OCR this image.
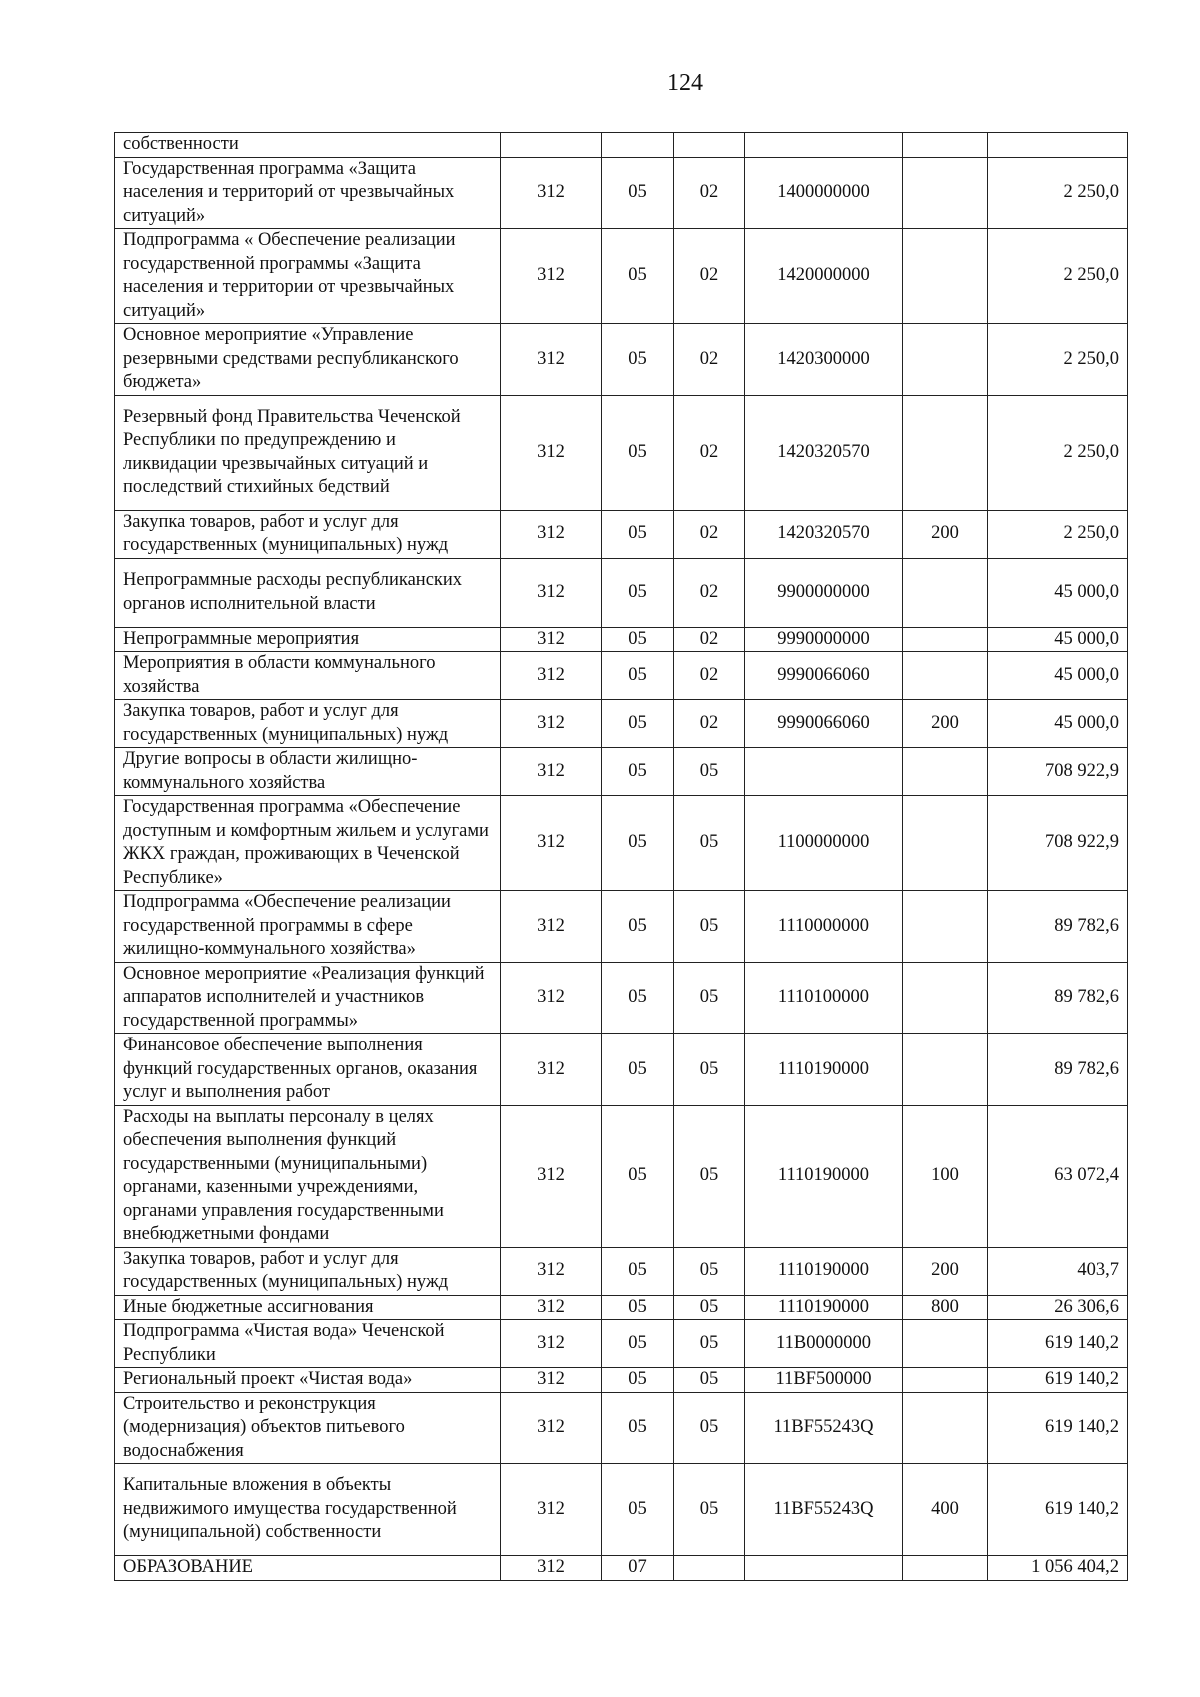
124
собственности						
Государственная программа «Защита населения и территорий от чрезвычайных ситуаций»	312	05	02	1400000000		2 250,0
Подпрограмма « Обеспечение реализации государственной программы «Защита населения и территории от чрезвычайных ситуаций»	312	05	02	1420000000		2 250,0
Основное мероприятие «Управление резервными средствами республиканского бюджета»	312	05	02	1420300000		2 250,0
Резервный фонд Правительства Чеченской Республики по предупреждению и ликвидации чрезвычайных ситуаций и последствий стихийных бедствий	312	05	02	1420320570		2 250,0
Закупка товаров, работ и услуг для государственных (муниципальных) нужд	312	05	02	1420320570	200	2 250,0
Непрограммные расходы республиканских органов исполнительной власти	312	05	02	9900000000		45 000,0
Непрограммные мероприятия	312	05	02	9990000000		45 000,0
Мероприятия в области коммунального хозяйства	312	05	02	9990066060		45 000,0
Закупка товаров, работ и услуг для государственных (муниципальных) нужд	312	05	02	9990066060	200	45 000,0
Другие вопросы в области жилищно-коммунального хозяйства	312	05	05			708 922,9
Государственная программа «Обеспечение доступным и комфортным жильем и услугами ЖКХ граждан, проживающих в Чеченской Республике»	312	05	05	1100000000		708 922,9
Подпрограмма «Обеспечение реализации государственной программы в сфере жилищно-коммунального хозяйства»	312	05	05	1110000000		89 782,6
Основное мероприятие «Реализация функций аппаратов исполнителей и участников государственной программы»	312	05	05	1110100000		89 782,6
Финансовое обеспечение выполнения функций государственных органов, оказания услуг и выполнения работ	312	05	05	1110190000		89 782,6
Расходы на выплаты персоналу в целях обеспечения выполнения функций государственными (муниципальными) органами, казенными учреждениями, органами управления государственными внебюджетными фондами	312	05	05	1110190000	100	63 072,4
Закупка товаров, работ и услуг для государственных (муниципальных) нужд	312	05	05	1110190000	200	403,7
Иные бюджетные ассигнования	312	05	05	1110190000	800	26 306,6
Подпрограмма «Чистая вода» Чеченской Республики	312	05	05	11В0000000		619 140,2
Региональный проект «Чистая вода»	312	05	05	11BF500000		619 140,2
Строительство и реконструкция (модернизация) объектов питьевого водоснабжения	312	05	05	11BF55243Q		619 140,2
Капитальные вложения в объекты недвижимого имущества государственной (муниципальной) собственности	312	05	05	11BF55243Q	400	619 140,2
ОБРАЗОВАНИЕ	312	07				1 056 404,2
